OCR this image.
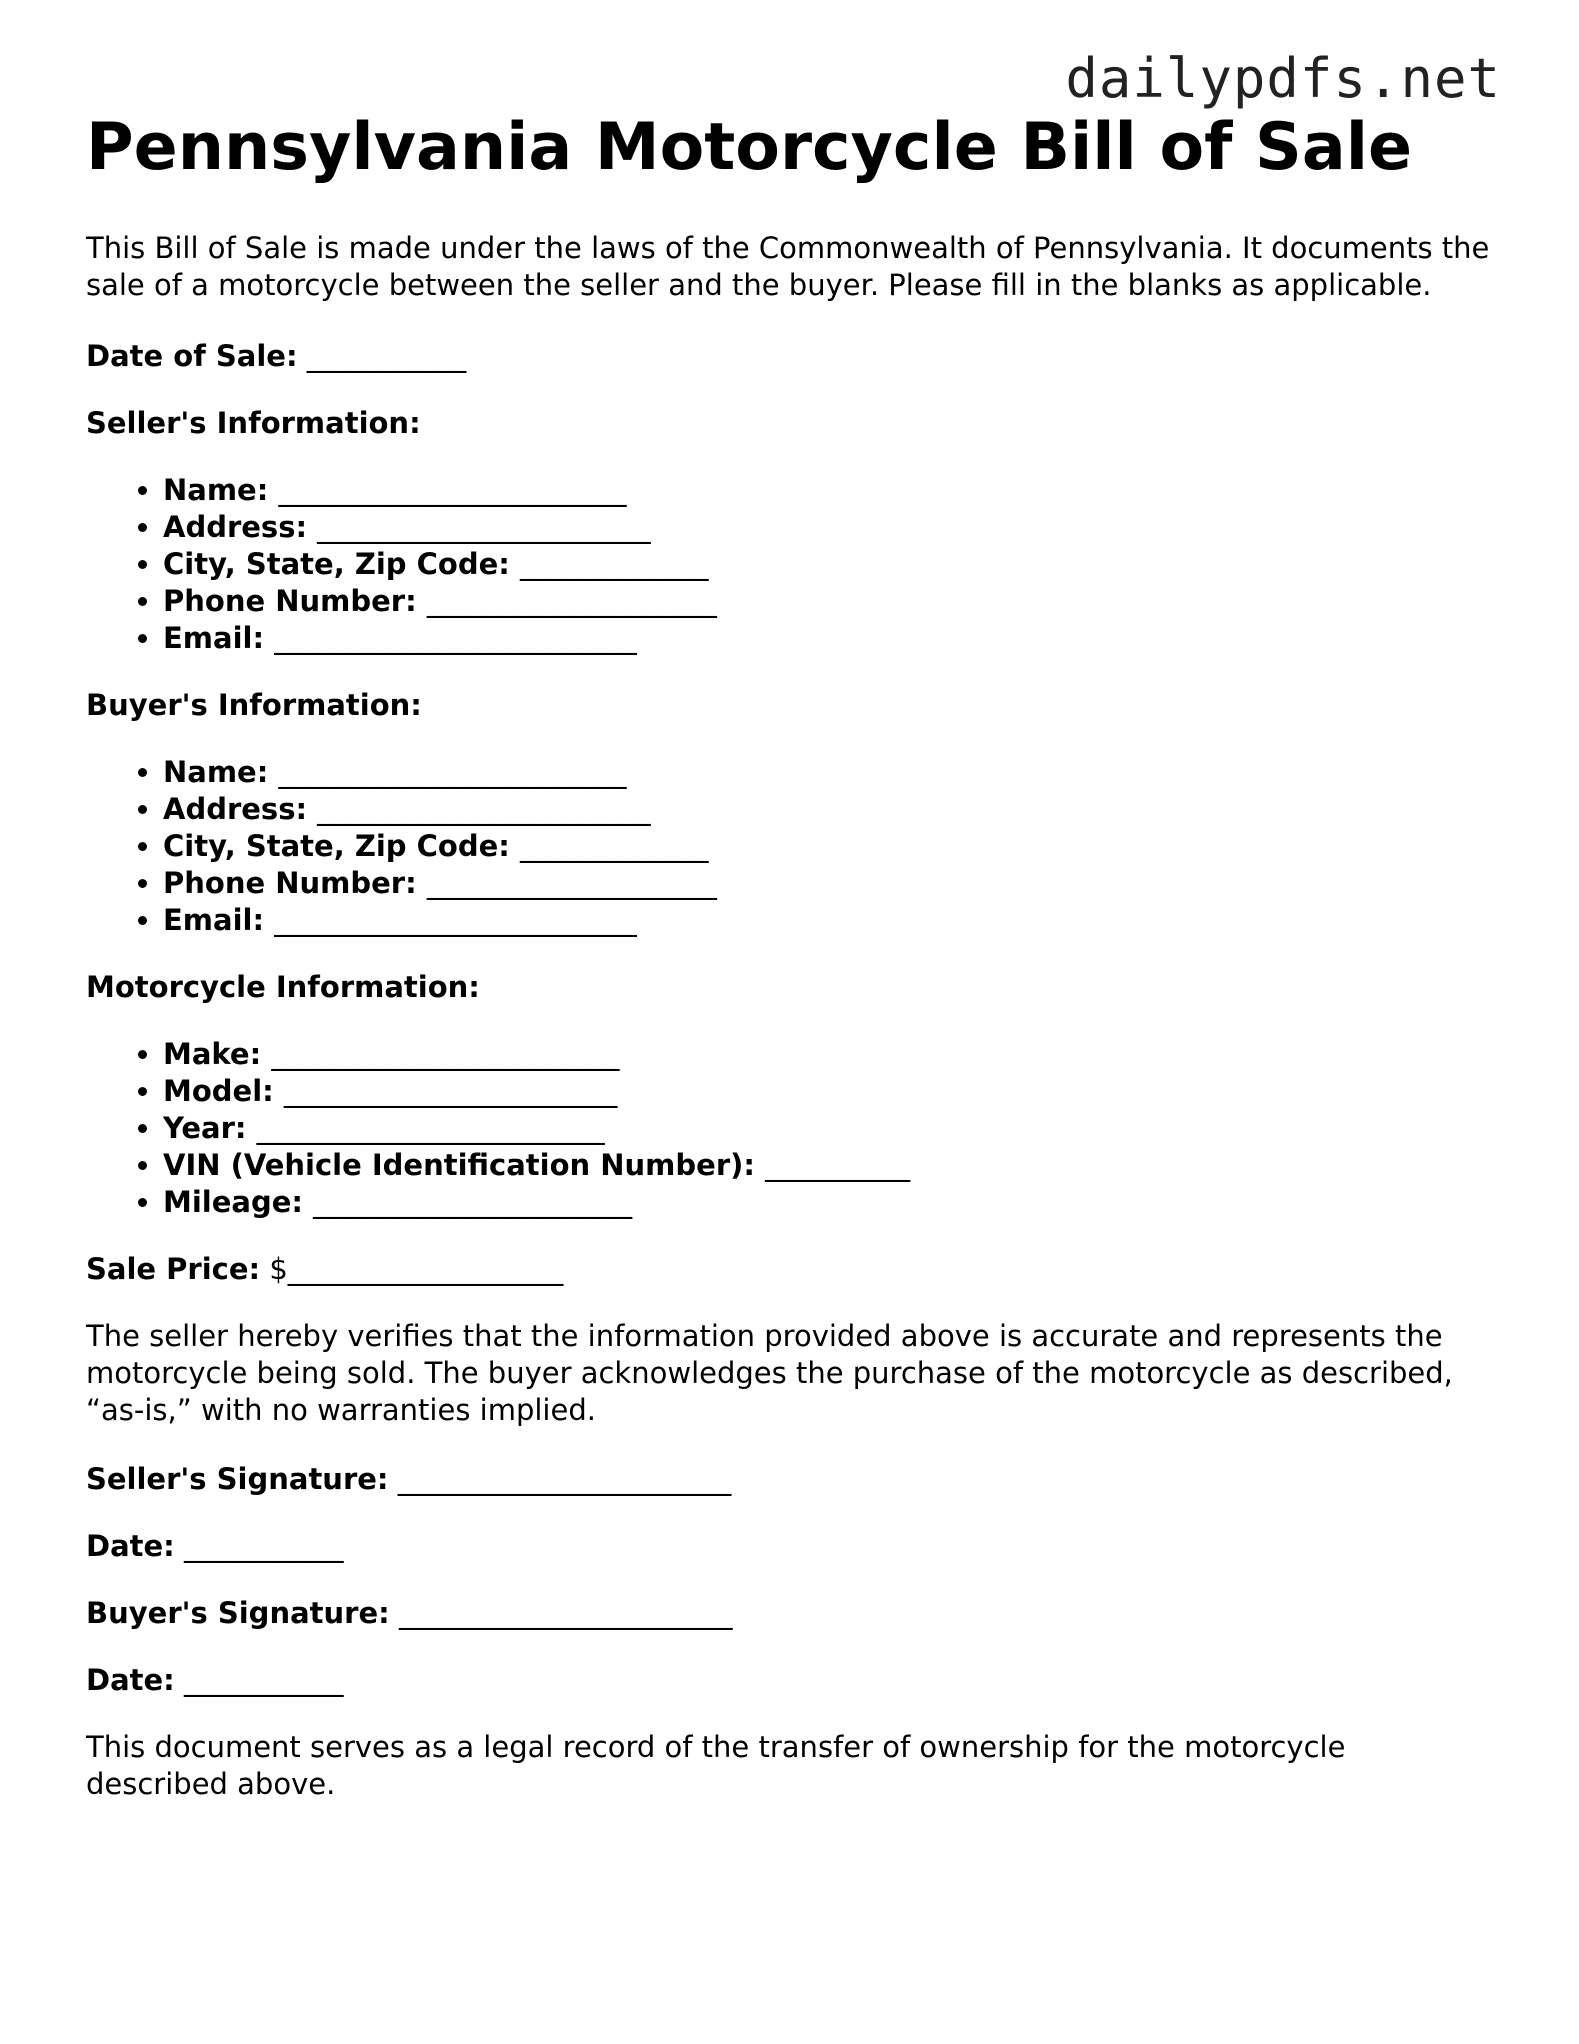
dailypdfs.net
Pennsylvania Motorcycle Bill of Sale

This Bill of Sale is made under the laws of the Commonwealth of Pennsylvania. It documents the sale of a motorcycle between the seller and the buyer. Please fill in the blanks as applicable.

Date of Sale: ___________
Seller's Information:
• Name: ________________________
• Address: _______________________
• City, State, Zip Code: _____________
• Phone Number: ____________________
• Email: _________________________
Buyer's Information:
• Name: ________________________
• Address: _______________________
• City, State, Zip Code: _____________
• Phone Number: ____________________
• Email: _________________________
Motorcycle Information:
• Make: ________________________
• Model: _______________________
• Year: ________________________
• VIN (Vehicle Identification Number): __________
• Mileage: ______________________
Sale Price: $___________________

The seller hereby verifies that the information provided above is accurate and represents the motorcycle being sold. The buyer acknowledges the purchase of the motorcycle as described, “as-is,” with no warranties implied.

Seller's Signature: _______________________
Date: ___________
Buyer's Signature: _______________________
Date: ___________

This document serves as a legal record of the transfer of ownership for the motorcycle described above.
